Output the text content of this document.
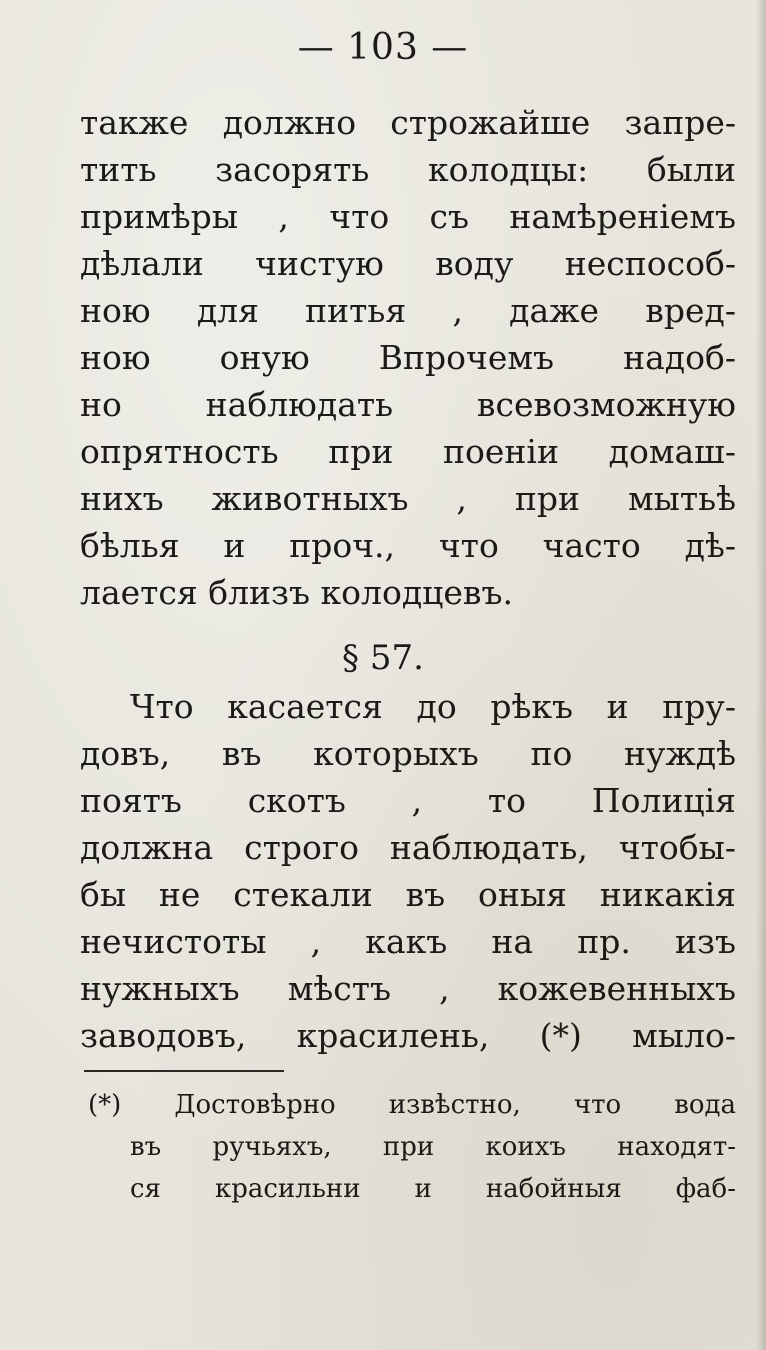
— 103 —
также должно строжайше запре-
тить засорять колодцы: были
примѣры , что съ намѣреніемъ
дѣлали чистую воду неспособ-
ною для питья , даже вред-
ною оную Впрочемъ надоб-
но наблюдать всевозможную
опрятность при поеніи домаш-
нихъ животныхъ , при мытьѣ
бѣлья и проч., что часто дѣ-
лается близъ колодцевъ.
§ 57.
Что касается до рѣкъ и пру-
довъ, въ которыхъ по нуждѣ
поятъ скотъ , то Полиція
должна строго наблюдать, чтобы-
бы не стекали въ оныя никакія
нечистоты , какъ на пр. изъ
нужныхъ мѣстъ , кожевенныхъ
заводовъ, красилень, (*) мыло-
(*) Достовѣрно извѣстно, что вода
въ ручьяхъ, при коихъ находят-
ся красильни и набойныя фаб-
